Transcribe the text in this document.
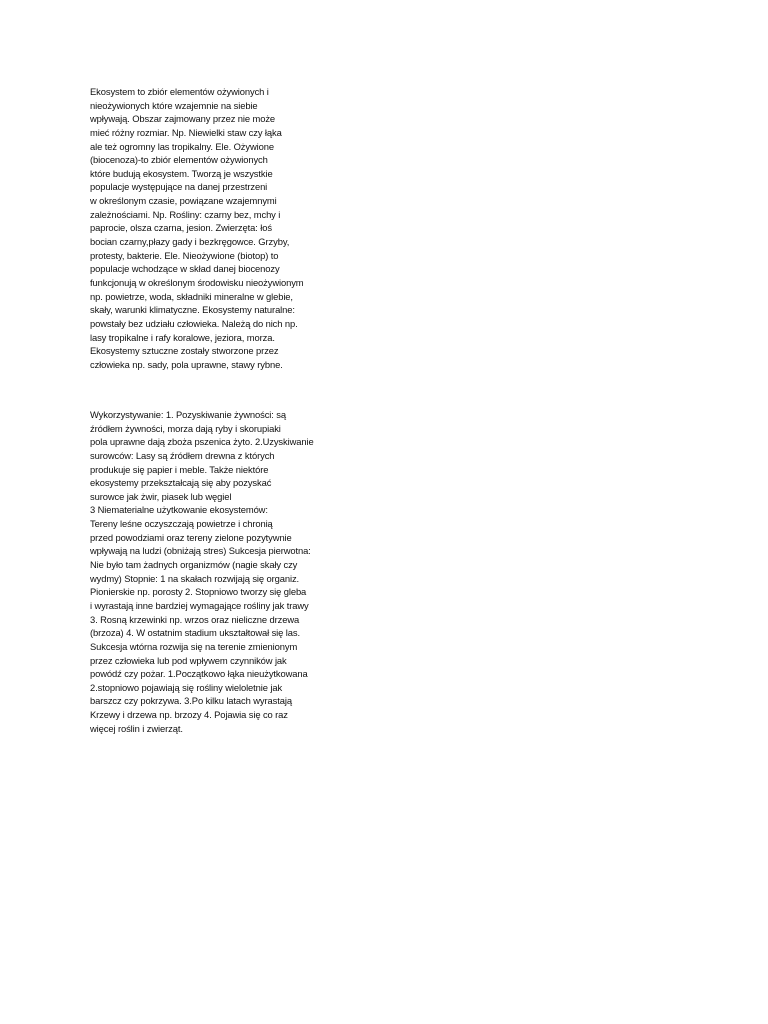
Ekosystem to zbiór elementów ożywionych i
nieożywionych które wzajemnie na siebie
wpływają. Obszar zajmowany przez nie może
mieć różny rozmiar. Np. Niewielki staw czy łąka
ale też ogromny las tropikalny. Ele. Ożywione
(biocenoza)-to zbiór elementów ożywionych
które budują ekosystem. Tworzą je wszystkie
populacje występujące na danej przestrzeni
w określonym czasie, powiązane wzajemnymi
zależnościami. Np. Rośliny: czarny bez, mchy i
paprocie, olsza czarna, jesion. Zwierzęta: łoś
bocian czarny,płazy gady i bezkręgowce. Grzyby,
protesty, bakterie. Ele. Nieożywione (biotop) to
populacje wchodzące w skład danej biocenozy
funkcjonują w określonym środowisku nieożywionym
np. powietrze, woda, składniki mineralne w glebie,
skały, warunki klimatyczne. Ekosystemy naturalne:
powstały bez udziału człowieka. Należą do nich np.
lasy tropikalne i rafy koralowe, jeziora, morza.
Ekosystemy sztuczne zostały stworzone przez
człowieka np. sady, pola uprawne, stawy rybne.
Wykorzystywanie: 1. Pozyskiwanie żywności: są
źródłem żywności, morza dają ryby i skorupiaki
pola uprawne dają zboża pszenica żyto. 2.Uzyskiwanie
surowców: Lasy są źródłem drewna z których
produkuje się papier i meble. Także niektóre
ekosystemy przekształcają się aby pozyskać
surowce jak żwir, piasek lub węgiel
3 Niematerialne użytkowanie ekosystemów:
Tereny leśne oczyszczają powietrze i chronią
przed powodziami oraz tereny zielone pozytywnie
wpływają na ludzi (obniżają stres) Sukcesja pierwotna:
Nie było tam żadnych organizmów (nagie skały czy
wydmy) Stopnie: 1 na skałach rozwijają się organiz.
Pionierskie np. porosty 2. Stopniowo tworzy się gleba
i wyrastają inne bardziej wymagające rośliny jak trawy
3. Rosną krzewinki np. wrzos oraz nieliczne drzewa
(brzoza) 4. W ostatnim stadium ukształtował się las.
Sukcesja wtórna rozwija się na terenie zmienionym
przez człowieka lub pod wpływem czynników jak
powódź czy pożar. 1.Początkowo łąka nieużytkowana
2.stopniowo pojawiają się rośliny wieloletnie jak
barszcz czy pokrzywa. 3.Po kilku latach wyrastają
Krzewy i drzewa np. brzozy 4. Pojawia się co raz
więcej roślin i zwierząt.
